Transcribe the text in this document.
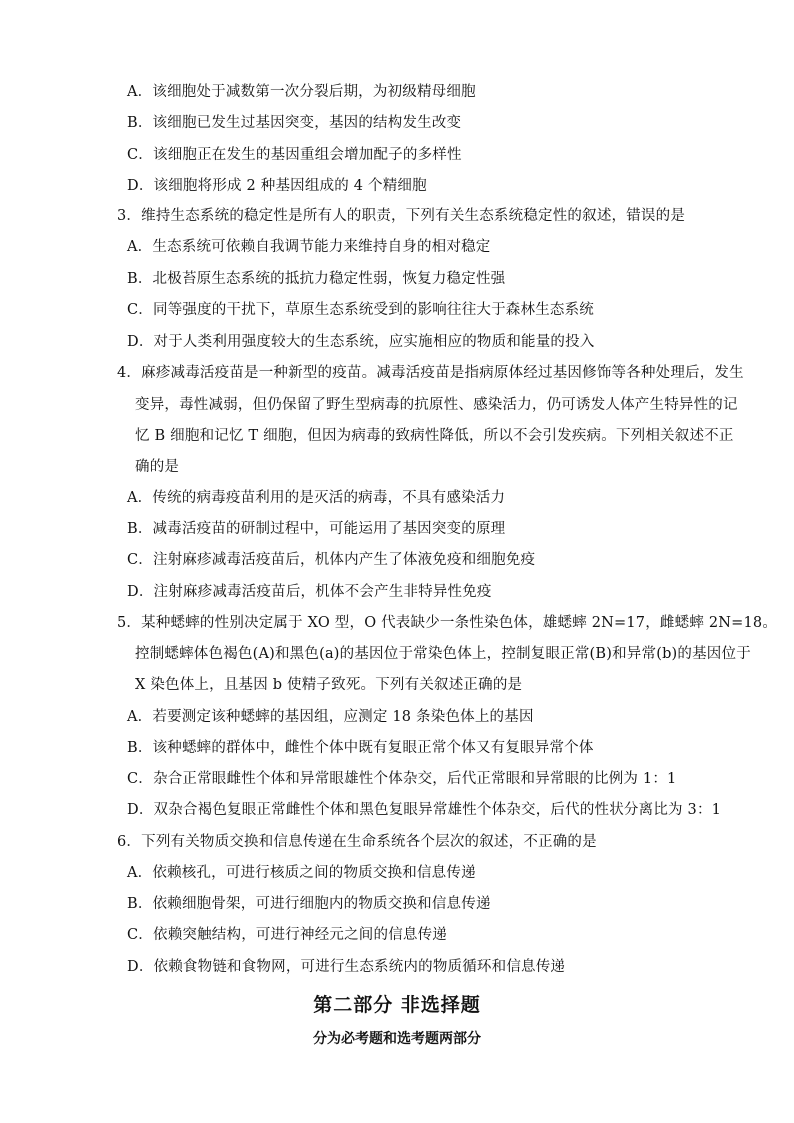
A．该细胞处于减数第一次分裂后期，为初级精母细胞
B．该细胞已发生过基因突变，基因的结构发生改变
C．该细胞正在发生的基因重组会增加配子的多样性
D．该细胞将形成 2 种基因组成的 4 个精细胞
3．维持生态系统的稳定性是所有人的职责，下列有关生态系统稳定性的叙述，错误的是
A．生态系统可依赖自我调节能力来维持自身的相对稳定
B．北极苔原生态系统的抵抗力稳定性弱，恢复力稳定性强
C．同等强度的干扰下，草原生态系统受到的影响往往大于森林生态系统
D．对于人类利用强度较大的生态系统，应实施相应的物质和能量的投入
4．麻疹减毒活疫苗是一种新型的疫苗。减毒活疫苗是指病原体经过基因修饰等各种处理后，发生
变异，毒性减弱，但仍保留了野生型病毒的抗原性、感染活力，仍可诱发人体产生特异性的记
忆 B 细胞和记忆 T 细胞，但因为病毒的致病性降低，所以不会引发疾病。下列相关叙述不正
确的是
A．传统的病毒疫苗利用的是灭活的病毒，不具有感染活力
B．减毒活疫苗的研制过程中，可能运用了基因突变的原理
C．注射麻疹减毒活疫苗后，机体内产生了体液免疫和细胞免疫
D．注射麻疹减毒活疫苗后，机体不会产生非特异性免疫
5．某种蟋蟀的性别决定属于 XO 型，O 代表缺少一条性染色体，雄蟋蟀 2N=17，雌蟋蟀 2N=18。
控制蟋蟀体色褐色(A)和黑色(a)的基因位于常染色体上，控制复眼正常(B)和异常(b)的基因位于
X 染色体上，且基因 b 使精子致死。下列有关叙述正确的是
A．若要测定该种蟋蟀的基因组，应测定 18 条染色体上的基因
B．该种蟋蟀的群体中，雌性个体中既有复眼正常个体又有复眼异常个体
C．杂合正常眼雌性个体和异常眼雄性个体杂交，后代正常眼和异常眼的比例为 1：1
D．双杂合褐色复眼正常雌性个体和黑色复眼异常雄性个体杂交，后代的性状分离比为 3：1
6．下列有关物质交换和信息传递在生命系统各个层次的叙述，不正确的是
A．依赖核孔，可进行核质之间的物质交换和信息传递
B．依赖细胞骨架，可进行细胞内的物质交换和信息传递
C．依赖突触结构，可进行神经元之间的信息传递
D．依赖食物链和食物网，可进行生态系统内的物质循环和信息传递
第二部分 非选择题
分为必考题和选考题两部分
